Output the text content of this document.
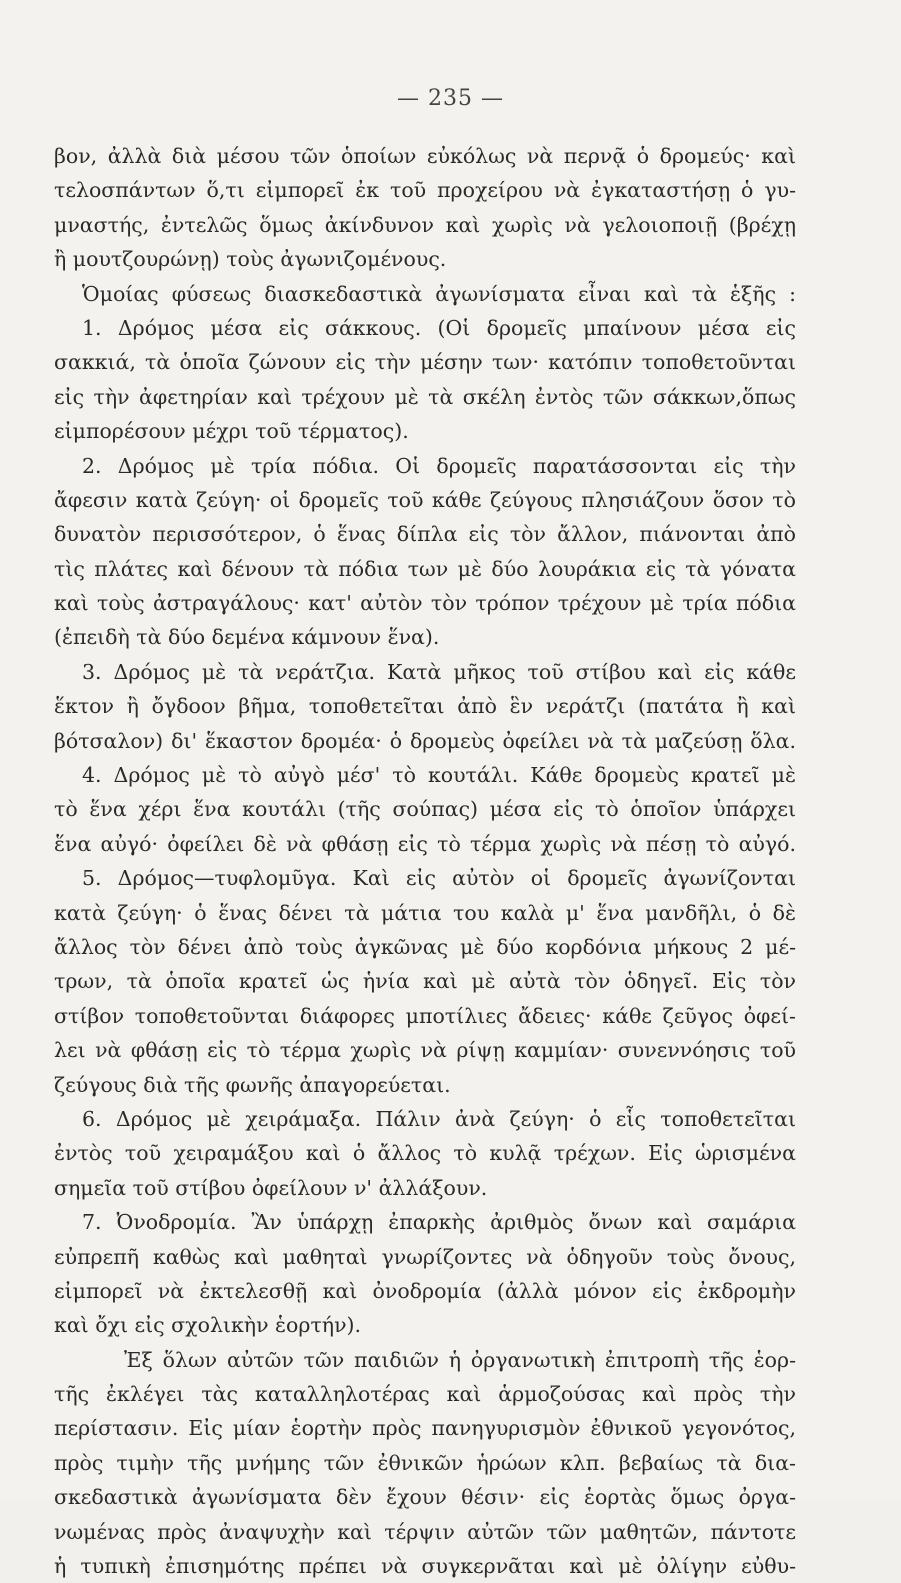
— 235 —
βον, ἀλλὰ διὰ μέσου τῶν ὁποίων εὐκόλως νὰ περνᾷ ὁ δρομεύς· καὶ
τελοσπάντων ὅ,τι εἰμπορεῖ ἐκ τοῦ προχείρου νὰ ἐγκαταστήσῃ ὁ γυ-
μναστής, ἐντελῶς ὅμως ἀκίνδυνον καὶ χωρὶς νὰ γελοιοποιῇ (βρέχῃ
ἢ μουτζουρώνῃ) τοὺς ἀγωνιζομένους.
Ὁμοίας φύσεως διασκεδαστικὰ ἀγωνίσματα εἶναι καὶ τὰ ἑξῆς :
1. Δρόμος μέσα εἰς σάκκους. (Οἱ δρομεῖς μπαίνουν μέσα εἰς
σακκιά, τὰ ὁποῖα ζώνουν εἰς τὴν μέσην των· κατόπιν τοποθετοῦνται
εἰς τὴν ἀφετηρίαν καὶ τρέχουν μὲ τὰ σκέλη ἐντὸς τῶν σάκκων,ὅπως
εἰμπορέσουν μέχρι τοῦ τέρματος).
2. Δρόμος μὲ τρία πόδια. Οἱ δρομεῖς παρατάσσονται εἰς τὴν
ἄφεσιν κατὰ ζεύγη· οἱ δρομεῖς τοῦ κάθε ζεύγους πλησιάζουν ὅσον τὸ
δυνατὸν περισσότερον, ὁ ἕνας δίπλα εἰς τὸν ἄλλον, πιάνονται ἀπὸ
τὶς πλάτες καὶ δένουν τὰ πόδια των μὲ δύο λουράκια εἰς τὰ γόνατα
καὶ τοὺς ἀστραγάλους· κατ' αὐτὸν τὸν τρόπον τρέχουν μὲ τρία πόδια
(ἐπειδὴ τὰ δύο δεμένα κάμνουν ἕνα).
3. Δρόμος μὲ τὰ νεράτζια. Κατὰ μῆκος τοῦ στίβου καὶ εἰς κάθε
ἕκτον ἢ ὄγδοον βῆμα, τοποθετεῖται ἀπὸ ἓν νεράτζι (πατάτα ἢ καὶ
βότσαλον) δι' ἕκαστον δρομέα· ὁ δρομεὺς ὀφείλει νὰ τὰ μαζεύσῃ ὅλα.
4. Δρόμος μὲ τὸ αὐγὸ μέσ' τὸ κουτάλι. Κάθε δρομεὺς κρατεῖ μὲ
τὸ ἕνα χέρι ἕνα κουτάλι (τῆς σούπας) μέσα εἰς τὸ ὁποῖον ὑπάρχει
ἕνα αὐγό· ὀφείλει δὲ νὰ φθάσῃ εἰς τὸ τέρμα χωρὶς νὰ πέσῃ τὸ αὐγό.
5. Δρόμος—τυφλομῦγα. Καὶ εἰς αὐτὸν οἱ δρομεῖς ἀγωνίζονται
κατὰ ζεύγη· ὁ ἕνας δένει τὰ μάτια του καλὰ μ' ἕνα μανδῆλι, ὁ δὲ
ἄλλος τὸν δένει ἀπὸ τοὺς ἀγκῶνας μὲ δύο κορδόνια μήκους 2 μέ-
τρων, τὰ ὁποῖα κρατεῖ ὡς ἡνία καὶ μὲ αὐτὰ τὸν ὁδηγεῖ. Εἰς τὸν
στίβον τοποθετοῦνται διάφορες μποτίλιες ἄδειες· κάθε ζεῦγος ὀφεί-
λει νὰ φθάσῃ εἰς τὸ τέρμα χωρὶς νὰ ρίψῃ καμμίαν· συνεννόησις τοῦ
ζεύγους διὰ τῆς φωνῆς ἀπαγορεύεται.
6. Δρόμος μὲ χειράμαξα. Πάλιν ἀνὰ ζεύγη· ὁ εἷς τοποθετεῖται
ἐντὸς τοῦ χειραμάξου καὶ ὁ ἄλλος τὸ κυλᾷ τρέχων. Εἰς ὡρισμένα
σημεῖα τοῦ στίβου ὀφείλουν ν' ἀλλάξουν.
7. Ὀνοδρομία. Ἂν ὑπάρχῃ ἐπαρκὴς ἀριθμὸς ὄνων καὶ σαμάρια
εὐπρεπῆ καθὼς καὶ μαθηταὶ γνωρίζοντες νὰ ὁδηγοῦν τοὺς ὄνους,
εἰμπορεῖ νὰ ἐκτελεσθῇ καὶ ὀνοδρομία (ἀλλὰ μόνον εἰς ἐκδρομὴν
καὶ ὄχι εἰς σχολικὴν ἑορτήν).
Ἐξ ὅλων αὐτῶν τῶν παιδιῶν ἡ ὀργανωτικὴ ἐπιτροπὴ τῆς ἑορ-
τῆς ἐκλέγει τὰς καταλληλοτέρας καὶ ἁρμοζούσας καὶ πρὸς τὴν
περίστασιν. Εἰς μίαν ἑορτὴν πρὸς πανηγυρισμὸν ἐθνικοῦ γεγονότος,
πρὸς τιμὴν τῆς μνήμης τῶν ἐθνικῶν ἡρώων κλπ. βεβαίως τὰ δια-
σκεδαστικὰ ἀγωνίσματα δὲν ἔχουν θέσιν· εἰς ἑορτὰς ὅμως ὀργα-
νωμένας πρὸς ἀναψυχὴν καὶ τέρψιν αὐτῶν τῶν μαθητῶν, πάντοτε
ἡ τυπικὴ ἐπισημότης πρέπει νὰ συγκερνᾶται καὶ μὲ ὀλίγην εὐθυ-
